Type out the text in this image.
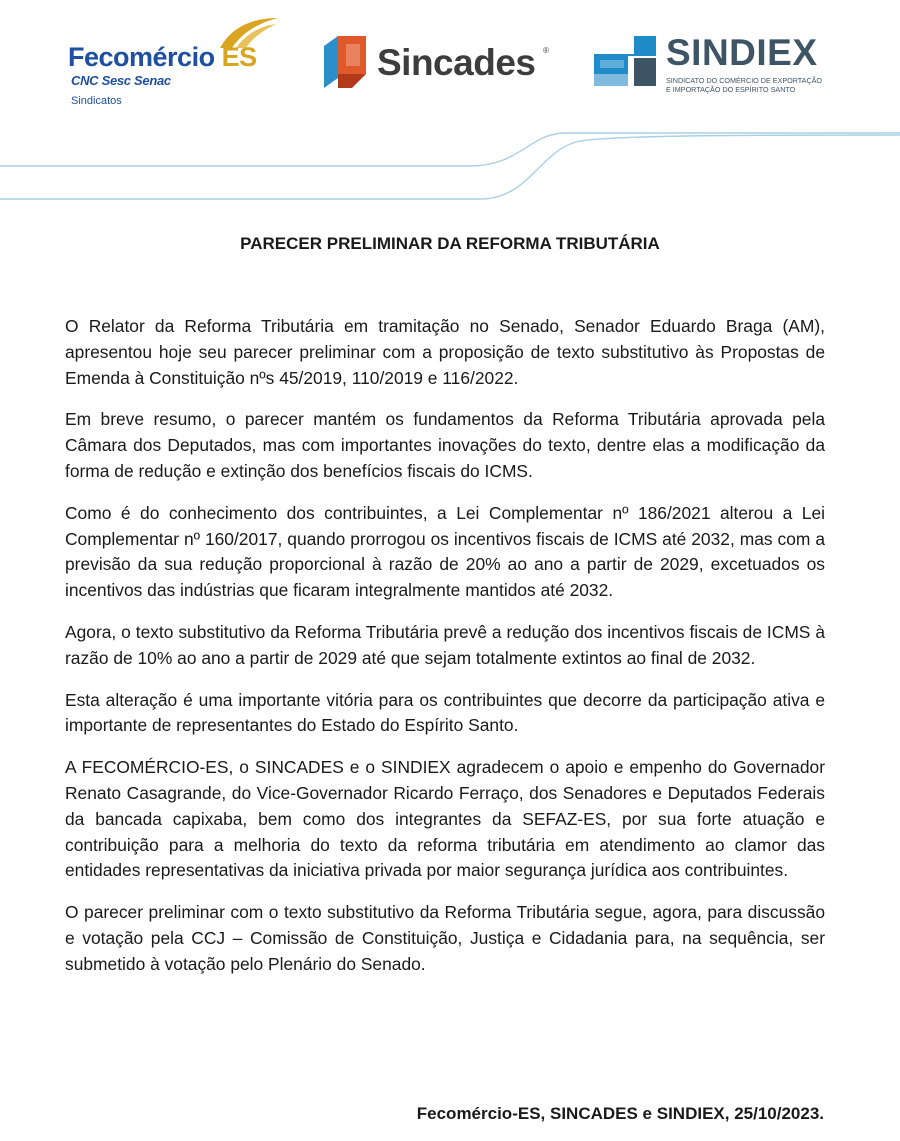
Fecomércio ES
CNC Sesc Senac
Sindicatos
Sincades ®	SINDIEX
SINDICATO DO COMÉRCIO DE EXPORTAÇÃO
E IMPORTAÇÃO DO ESPÍRITO SANTO
PARECER PRELIMINAR DA REFORMA TRIBUTÁRIA

O Relator da Reforma Tributária em tramitação no Senado, Senador Eduardo Braga (AM), apresentou hoje seu parecer preliminar com a proposição de texto substitutivo às Propostas de Emenda à Constituição nºs 45/2019, 110/2019 e 116/2022.

Em breve resumo, o parecer mantém os fundamentos da Reforma Tributária aprovada pela Câmara dos Deputados, mas com importantes inovações do texto, dentre elas a modificação da forma de redução e extinção dos benefícios fiscais do ICMS.

Como é do conhecimento dos contribuintes, a Lei Complementar nº 186/2021 alterou a Lei Complementar nº 160/2017, quando prorrogou os incentivos fiscais de ICMS até 2032, mas com a previsão da sua redução proporcional à razão de 20% ao ano a partir de 2029, excetuados os incentivos das indústrias que ficaram integralmente mantidos até 2032.

Agora, o texto substitutivo da Reforma Tributária prevê a redução dos incentivos fiscais de ICMS à razão de 10% ao ano a partir de 2029 até que sejam totalmente extintos ao final de 2032.

Esta alteração é uma importante vitória para os contribuintes que decorre da participação ativa e importante de representantes do Estado do Espírito Santo.

A FECOMÉRCIO-ES, o SINCADES e o SINDIEX agradecem o apoio e empenho do Governador Renato Casagrande, do Vice-Governador Ricardo Ferraço, dos Senadores e Deputados Federais da bancada capixaba, bem como dos integrantes da SEFAZ-ES, por sua forte atuação e contribuição para a melhoria do texto da reforma tributária em atendimento ao clamor das entidades representativas da iniciativa privada por maior segurança jurídica aos contribuintes.

O parecer preliminar com o texto substitutivo da Reforma Tributária segue, agora, para discussão e votação pela CCJ – Comissão de Constituição, Justiça e Cidadania para, na sequência, ser submetido à votação pelo Plenário do Senado.

Fecomércio-ES, SINCADES e SINDIEX, 25/10/2023.
